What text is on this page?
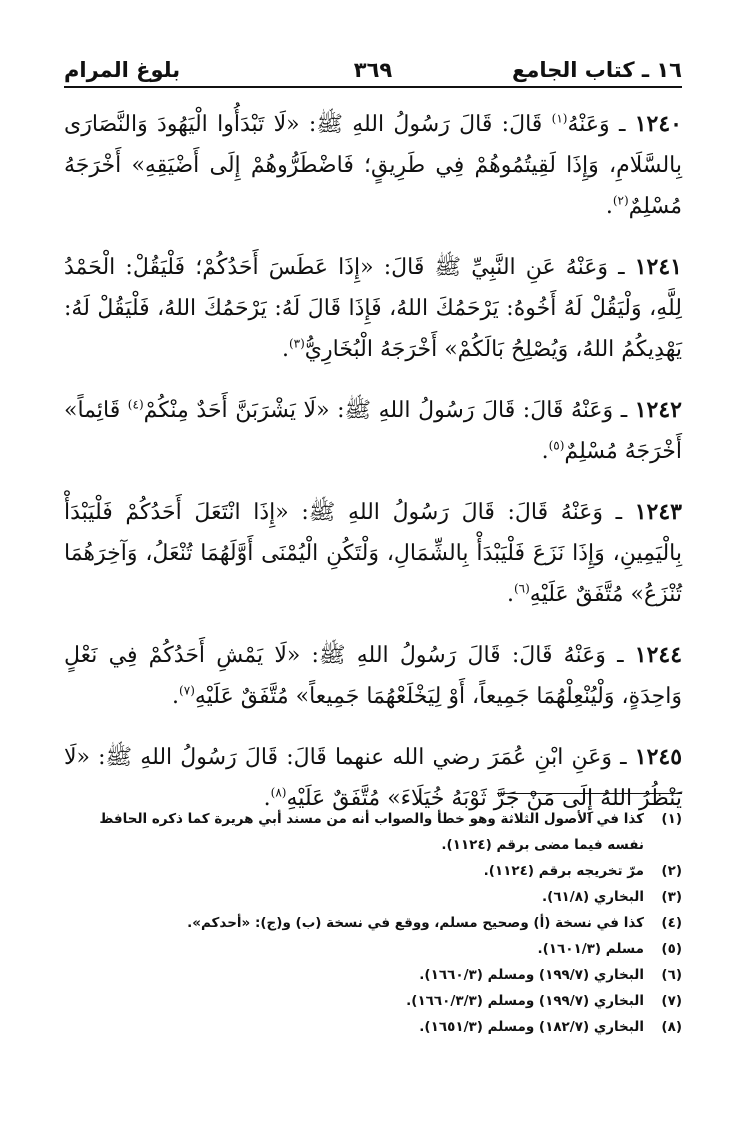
١٦ ـ كتاب الجامع
٣٦٩
بلوغ المرام

١٢٤٠ ـ وَعَنْهُ$^{(١)}$ قَالَ: قَالَ رَسُولُ اللهِ ﷺ: «لَا تَبْدَأُوا الْيَهُودَ وَالنَّصَارَى بِالسَّلَامِ، وَإِذَا لَقِيتُمُوهُمْ فِي طَرِيقٍ؛ فَاضْطَرُّوهُمْ إِلَى أَضْيَقِهِ» أَخْرَجَهُ مُسْلِمٌ$^{(٢)}$.

١٢٤١ ـ وَعَنْهُ عَنِ النَّبِيِّ ﷺ قَالَ: «إِذَا عَطَسَ أَحَدُكُمْ؛ فَلْيَقُلْ: الْحَمْدُ لِلَّهِ، وَلْيَقُلْ لَهُ أَخُوهُ: يَرْحَمُكَ اللهُ، فَإِذَا قَالَ لَهُ: يَرْحَمُكَ اللهُ، فَلْيَقُلْ لَهُ: يَهْدِيكُمُ اللهُ، وَيُصْلِحُ بَالَكُمْ» أَخْرَجَهُ الْبُخَارِيُّ$^{(٣)}$.

١٢٤٢ ـ وَعَنْهُ قَالَ: قَالَ رَسُولُ اللهِ ﷺ: «لَا يَشْرَبَنَّ أَحَدٌ مِنْكُمْ$^{(٤)}$ قَائِماً» أَخْرَجَهُ مُسْلِمٌ$^{(٥)}$.

١٢٤٣ ـ وَعَنْهُ قَالَ: قَالَ رَسُولُ اللهِ ﷺ: «إِذَا انْتَعَلَ أَحَدُكُمْ فَلْيَبْدَأْ بِالْيَمِينِ، وَإِذَا نَزَعَ فَلْيَبْدَأْ بِالشِّمَالِ، وَلْتَكُنِ الْيُمْنَى أَوَّلَهُمَا تُنْعَلُ، وَآخِرَهُمَا تُنْزَعُ» مُتَّفَقٌ عَلَيْهِ$^{(٦)}$.

١٢٤٤ ـ وَعَنْهُ قَالَ: قَالَ رَسُولُ اللهِ ﷺ: «لَا يَمْشِ أَحَدُكُمْ فِي نَعْلٍ وَاحِدَةٍ، وَلْيُنْعِلْهُمَا جَمِيعاً، أَوْ لِيَخْلَعْهُمَا جَمِيعاً» مُتَّفَقٌ عَلَيْهِ$^{(٧)}$.

١٢٤٥ ـ وَعَنِ ابْنِ عُمَرَ رضي الله عنهما قَالَ: قَالَ رَسُولُ اللهِ ﷺ: «لَا يَنْظُرُ اللهُ إِلَى مَنْ جَرَّ ثَوْبَهُ خُيَلَاءَ» مُتَّفَقٌ عَلَيْهِ$^{(٨)}$.

(١)
كذا في الأصول الثلاثة وهو خطأ والصواب أنه من مسند أبي هريرة كما ذكره الحافظ نفسه فيما مضى برقم (١١٢٤).
(٢)
مرّ تخريجه برقم (١١٢٤).
(٣)
البخاري (٦١/٨).
(٤)
كذا في نسخة (أ) وصحيح مسلم، ووقع في نسخة (ب) و(ج): «أحدكم».
(٥)
مسلم (١٦٠١/٣).
(٦)
البخاري (١٩٩/٧) ومسلم (١٦٦٠/٣).
(٧)
البخاري (١٩٩/٧) ومسلم (١٦٦٠/٣/٣).
(٨)
البخاري (١٨٢/٧) ومسلم (١٦٥١/٣).
